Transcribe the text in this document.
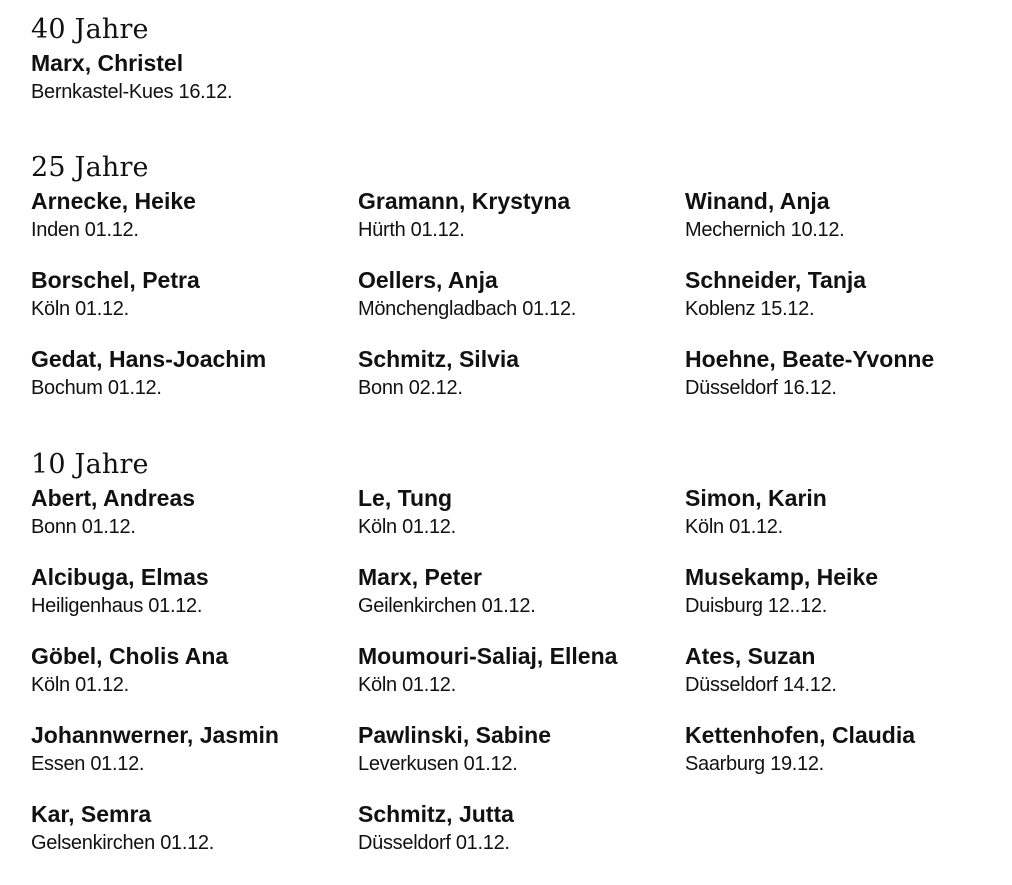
40 Jahre
Marx, Christel
Bernkastel-Kues 16.12.
25 Jahre
Arnecke, Heike
Inden 01.12.
Gramann, Krystyna
Hürth 01.12.
Winand, Anja
Mechernich 10.12.
Borschel, Petra
Köln 01.12.
Oellers, Anja
Mönchengladbach 01.12.
Schneider, Tanja
Koblenz 15.12.
Gedat, Hans-Joachim
Bochum 01.12.
Schmitz, Silvia
Bonn 02.12.
Hoehne, Beate-Yvonne
Düsseldorf 16.12.
10 Jahre
Abert, Andreas
Bonn 01.12.
Le, Tung
Köln 01.12.
Simon, Karin
Köln 01.12.
Alcibuga, Elmas
Heiligenhaus 01.12.
Marx, Peter
Geilenkirchen 01.12.
Musekamp, Heike
Duisburg 12..12.
Göbel, Cholis Ana
Köln 01.12.
Moumouri-Saliaj, Ellena
Köln 01.12.
Ates, Suzan
Düsseldorf 14.12.
Johannwerner, Jasmin
Essen 01.12.
Pawlinski, Sabine
Leverkusen 01.12.
Kettenhofen, Claudia
Saarburg 19.12.
Kar, Semra
Gelsenkirchen 01.12.
Schmitz, Jutta
Düsseldorf 01.12.
